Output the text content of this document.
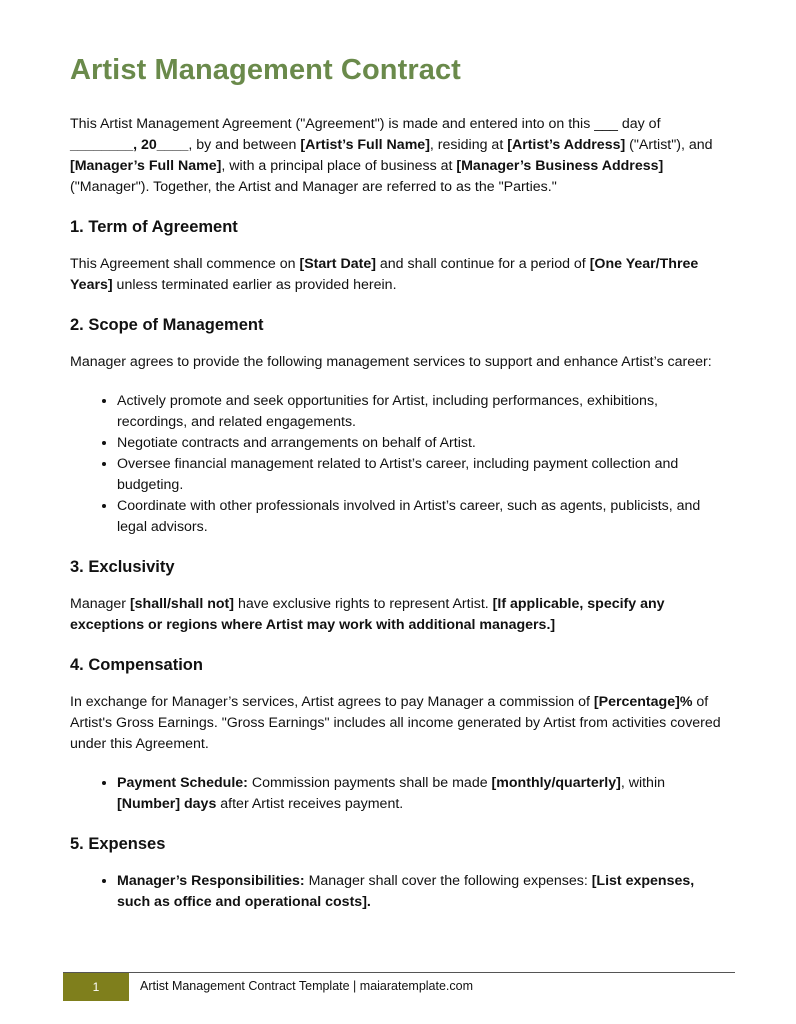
Artist Management Contract

This Artist Management Agreement ("Agreement") is made and entered into on this ___ day of ________, 20____, by and between [Artist’s Full Name], residing at [Artist’s Address] ("Artist"), and [Manager’s Full Name], with a principal place of business at [Manager’s Business Address] ("Manager"). Together, the Artist and Manager are referred to as the "Parties."

1. Term of Agreement

This Agreement shall commence on [Start Date] and shall continue for a period of [One Year/Three Years] unless terminated earlier as provided herein.

2. Scope of Management

Manager agrees to provide the following management services to support and enhance Artist’s career:

• Actively promote and seek opportunities for Artist, including performances, exhibitions, recordings, and related engagements.
• Negotiate contracts and arrangements on behalf of Artist.
• Oversee financial management related to Artist’s career, including payment collection and budgeting.
• Coordinate with other professionals involved in Artist’s career, such as agents, publicists, and legal advisors.
3. Exclusivity

Manager [shall/shall not] have exclusive rights to represent Artist. [If applicable, specify any exceptions or regions where Artist may work with additional managers.]

4. Compensation

In exchange for Manager’s services, Artist agrees to pay Manager a commission of [Percentage]% of Artist's Gross Earnings. "Gross Earnings" includes all income generated by Artist from activities covered under this Agreement.

• Payment Schedule: Commission payments shall be made [monthly/quarterly], within [Number] days after Artist receives payment.
5. Expenses
• Manager’s Responsibilities: Manager shall cover the following expenses: [List expenses, such as office and operational costs].
1	Artist Management Contract Template | maiaratemplate.com
